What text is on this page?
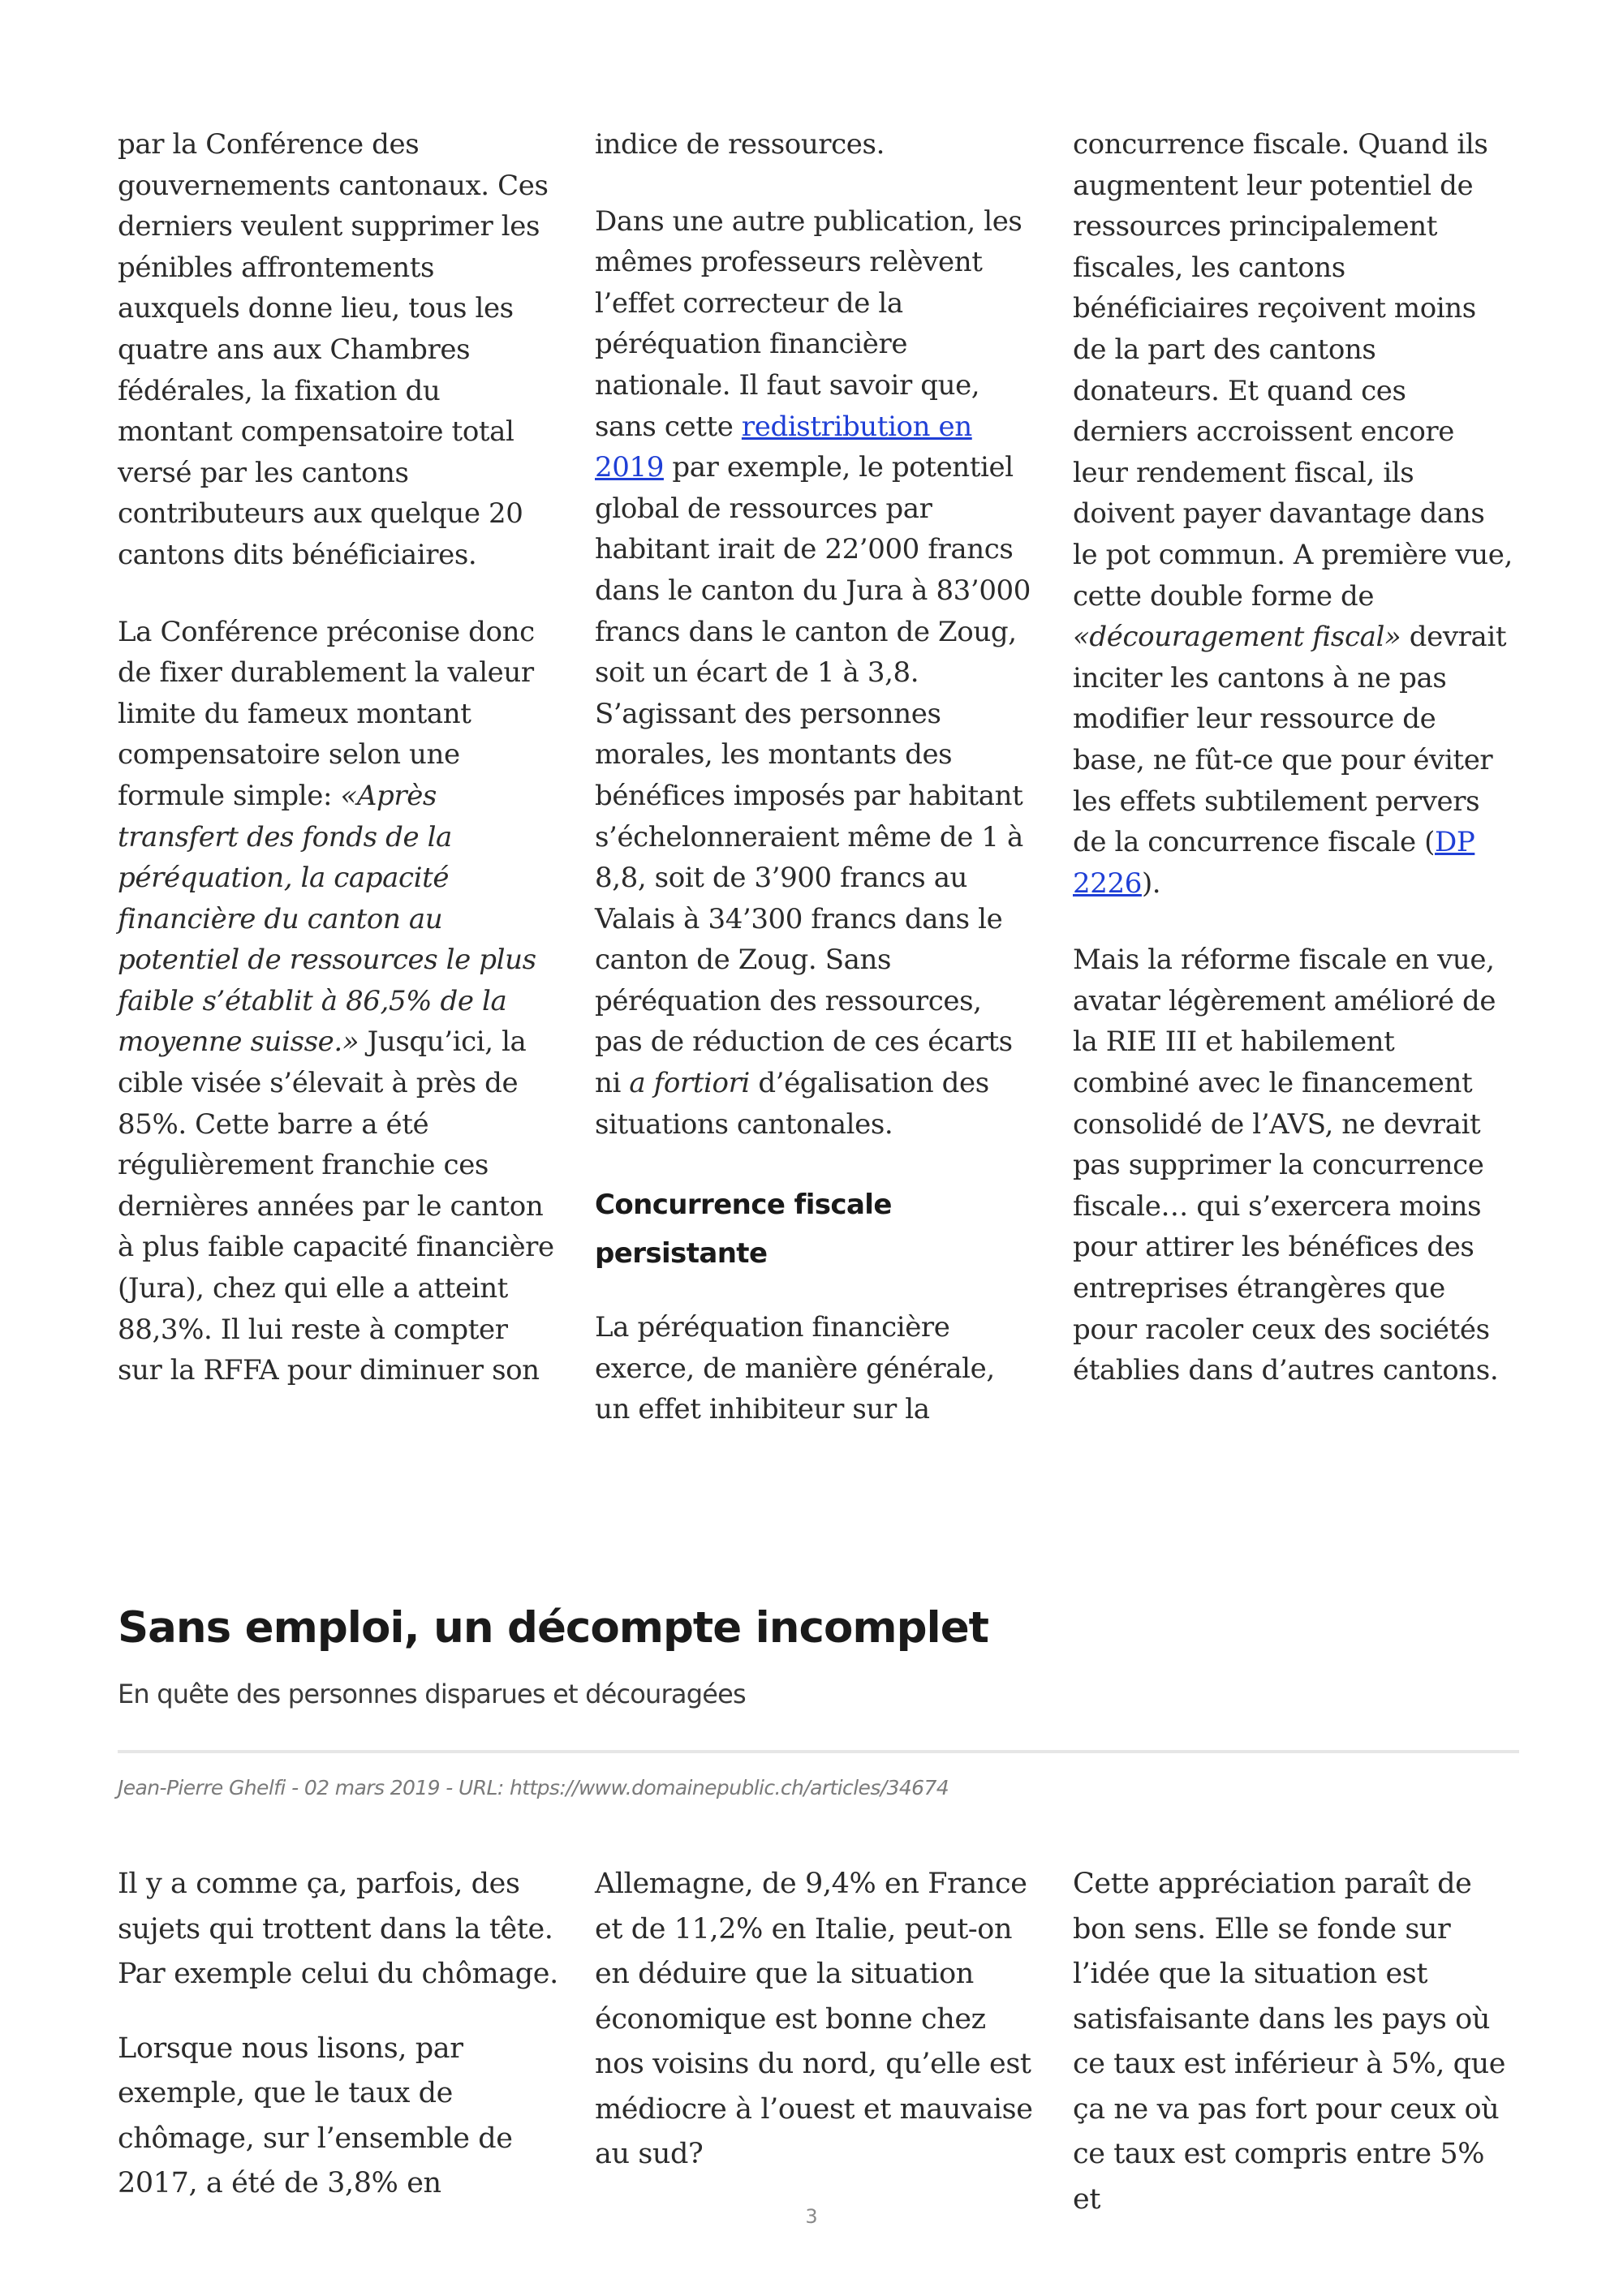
par la Conférence des gouvernements cantonaux. Ces derniers veulent supprimer les pénibles affrontements auxquels donne lieu, tous les quatre ans aux Chambres fédérales, la fixation du montant compensatoire total versé par les cantons contributeurs aux quelque 20 cantons dits bénéficiaires.

La Conférence préconise donc de fixer durablement la valeur limite du fameux montant compensatoire selon une formule simple: «Après transfert des fonds de la péréquation, la capacité financière du canton au potentiel de ressources le plus faible s’établit à 86,5% de la moyenne suisse.» Jusqu’ici, la cible visée s’élevait à près de 85%. Cette barre a été régulièrement franchie ces dernières années par le canton à plus faible capacité financière (Jura), chez qui elle a atteint 88,3%. Il lui reste à compter sur la RFFA pour diminuer son

indice de ressources.

Dans une autre publication, les mêmes professeurs relèvent l’effet correcteur de la péréquation financière nationale. Il faut savoir que, sans cette redistribution en 2019 par exemple, le potentiel global de ressources par habitant irait de 22’000 francs dans le canton du Jura à 83’000 francs dans le canton de Zoug, soit un écart de 1 à 3,8. S’agissant des personnes morales, les montants des bénéfices imposés par habitant s’échelonneraient même de 1 à 8,8, soit de 3’900 francs au Valais à 34’300 francs dans le canton de Zoug. Sans péréquation des ressources, pas de réduction de ces écarts ni a fortiori d’égalisation des situations cantonales.

Concurrence fiscale persistante

La péréquation financière exerce, de manière générale, un effet inhibiteur sur la

concurrence fiscale. Quand ils augmentent leur potentiel de ressources principalement fiscales, les cantons bénéficiaires reçoivent moins de la part des cantons donateurs. Et quand ces derniers accroissent encore leur rendement fiscal, ils doivent payer davantage dans le pot commun. A première vue, cette double forme de «découragement fiscal» devrait inciter les cantons à ne pas modifier leur ressource de base, ne fût-ce que pour éviter les effets subtilement pervers de la concurrence fiscale (DP 2226).

Mais la réforme fiscale en vue, avatar légèrement amélioré de la RIE III et habilement combiné avec le financement consolidé de l’AVS, ne devrait pas supprimer la concurrence fiscale… qui s’exercera moins pour attirer les bénéfices des entreprises étrangères que pour racoler ceux des sociétés établies dans d’autres cantons.

Sans emploi, un décompte incomplet
En quête des personnes disparues et découragées
Jean-Pierre Ghelfi - 02 mars 2019 - URL: https://www.domainepublic.ch/articles/34674

Il y a comme ça, parfois, des sujets qui trottent dans la tête. Par exemple celui du chômage.

Lorsque nous lisons, par exemple, que le taux de chômage, sur l’ensemble de 2017, a été de 3,8% en

Allemagne, de 9,4% en France et de 11,2% en Italie, peut-on en déduire que la situation économique est bonne chez nos voisins du nord, qu’elle est médiocre à l’ouest et mauvaise au sud?

Cette appréciation paraît de bon sens. Elle se fonde sur l’idée que la situation est satisfaisante dans les pays où ce taux est inférieur à 5%, que ça ne va pas fort pour ceux où ce taux est compris entre 5% et

3
